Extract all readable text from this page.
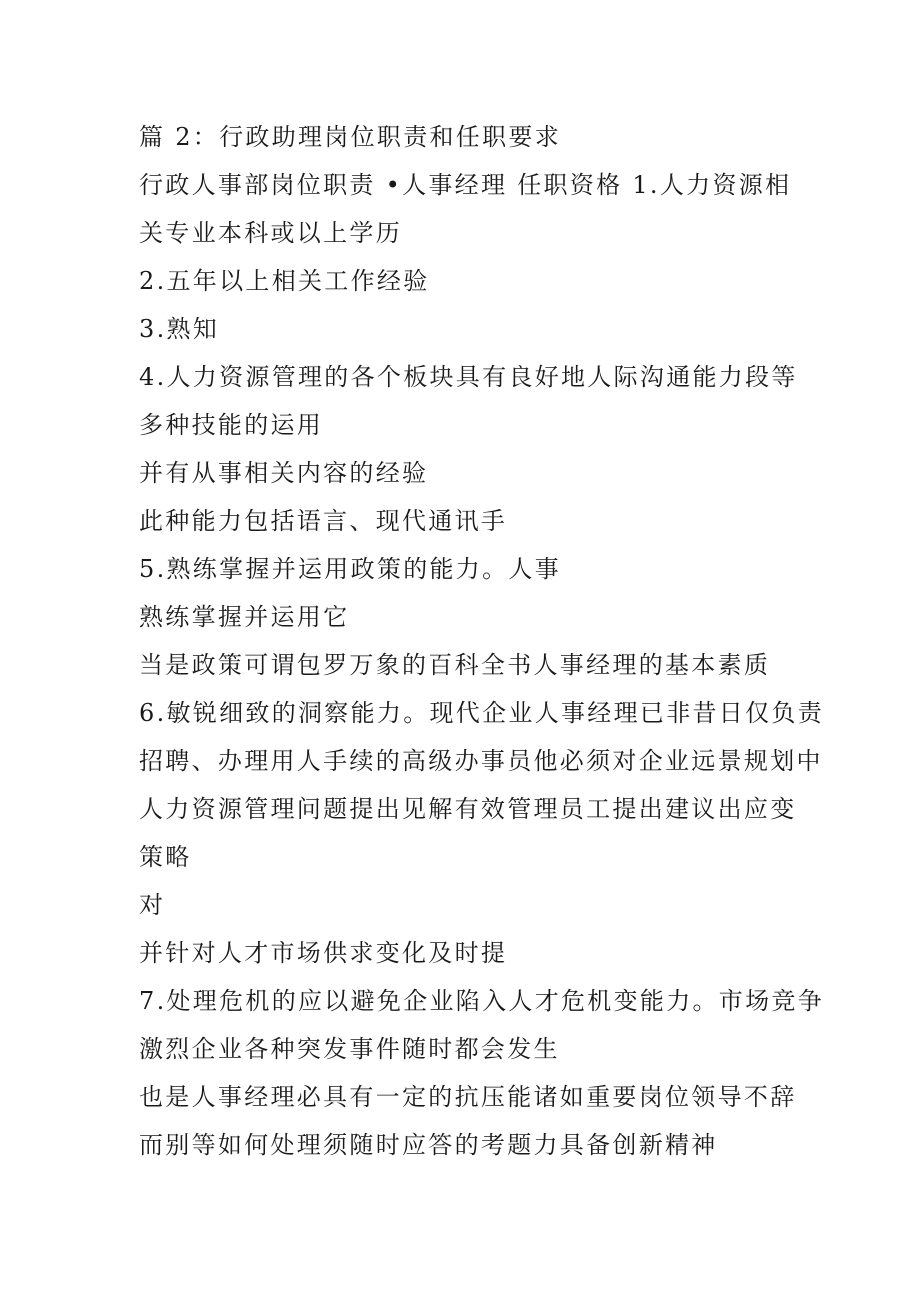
篇 2：行政助理岗位职责和任职要求
行政人事部岗位职责 •人事经理 任职资格 1.人力资源相
关专业本科或以上学历
2.五年以上相关工作经验
3.熟知
4.人力资源管理的各个板块具有良好地人际沟通能力段等
多种技能的运用
并有从事相关内容的经验
此种能力包括语言、现代通讯手
5.熟练掌握并运用政策的能力。人事
熟练掌握并运用它
当是政策可谓包罗万象的百科全书人事经理的基本素质
6.敏锐细致的洞察能力。现代企业人事经理已非昔日仅负责
招聘、办理用人手续的高级办事员他必须对企业远景规划中
人力资源管理问题提出见解有效管理员工提出建议出应变
策略
对
并针对人才市场供求变化及时提
7.处理危机的应以避免企业陷入人才危机变能力。市场竞争
激烈企业各种突发事件随时都会发生
也是人事经理必具有一定的抗压能诸如重要岗位领导不辞
而别等如何处理须随时应答的考题力具备创新精神
